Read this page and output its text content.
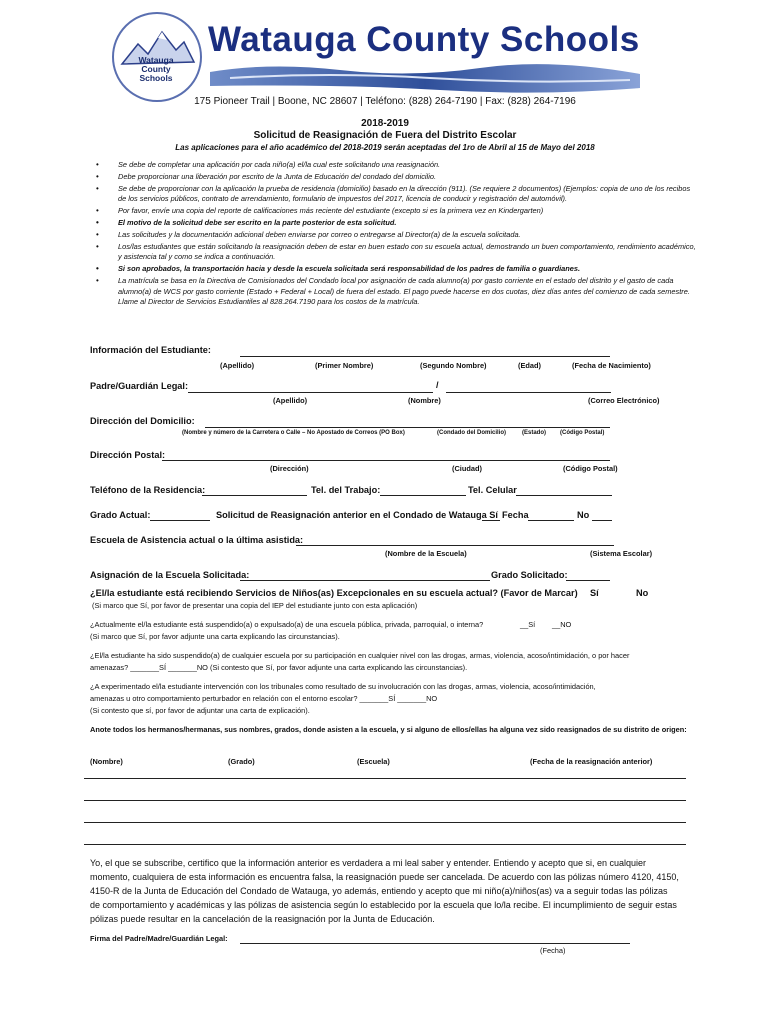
Watauga
County
Schools
Watauga County Schools
175 Pioneer Trail | Boone, NC 28607 | Teléfono: (828) 264-7190 | Fax: (828) 264-7196
2018-2019
Solicitud de Reasignación de Fuera del Distrito Escolar
Las aplicaciones para el año académico del 2018-2019 serán aceptadas del 1ro de Abril al 15 de Mayo del 2018
• Se debe de completar una aplicación por cada niño(a) el/la cual este solicitando una reasignación.
• Debe proporcionar una liberación por escrito de la Junta de Educación del condado del domicilio.
• Se debe de proporcionar con la aplicación la prueba de residencia (domicilio) basado en la dirección (911). (Se requiere 2 documentos) (Ejemplos: copia de uno de los recibos de los servicios públicos, contrato de arrendamiento, formulario de impuestos del 2017, licencia de conducir y registración del automóvil).
• Por favor, envíe una copia del reporte de calificaciones más reciente del estudiante (excepto si es la primera vez en Kindergarten)
• El motivo de la solicitud debe ser escrito en la parte posterior de esta solicitud.
• Las solicitudes y la documentación adicional deben enviarse por correo o entregarse al Director(a) de la escuela solicitada.
• Los/las estudiantes que están solicitando la reasignación deben de estar en buen estado con su escuela actual, demostrando un buen comportamiento, rendimiento académico, y asistencia tal y como se indica a continuación.
• Si son aprobados, la transportación hacia y desde la escuela solicitada será responsabilidad de los padres de familia o guardianes.
• La matrícula se basa en la Directiva de Comisionados del Condado local por asignación de cada alumno(a) por gasto corriente en el estado del distrito y el gasto de cada alumno(a) de WCS por gasto corriente (Estado + Federal + Local) de fuera del estado. El pago puede hacerse en dos cuotas, diez días antes del comienzo de cada semestre. Llame al Director de Servicios Estudiantiles al 828.264.7190 para los costos de la matrícula.
Información del Estudiante:
(Apellido)	(Primer Nombre)	(Segundo Nombre)	(Edad)	(Fecha de Nacimiento)
Padre/Guardián Legal:	/
(Apellido)	(Nombre)	(Correo Electrónico)
Dirección del Domicilio:
(Nombre y número de la Carretera o Calle – No Apostado de Correos (PO Box)	(Condado del Domicilio)	(Estado) (Código Postal)
Dirección Postal:
(Dirección)	(Ciudad)	(Código Postal)
Teléfono de la Residencia:	Tel. del Trabajo:	Tel. Celular
Grado Actual:	Solicitud de Reasignación anterior en el Condado de Watauga Sí Fecha	No
Escuela de Asistencia actual o la última asistida:
(Nombre de la Escuela)	(Sistema Escolar)
Asignación de la Escuela Solicitada:	Grado Solicitado:
¿El/la estudiante está recibiendo Servicios de Niños(as) Excepcionales en su escuela actual? (Favor de Marcar) Sí	No
(Si marco que Sí, por favor de presentar una copia del IEP del estudiante junto con esta aplicación)
¿Actualmente el/la estudiante está suspendido(a) o expulsado(a) de una escuela pública, privada, parroquial, o interna?	__Sí __NO
(Si marco que Sí, por favor adjunte una carta explicando las circunstancias).
¿El/la estudiante ha sido suspendido(a) de cualquier escuela por su participación en cualquier nivel con las drogas, armas, violencia, acoso/intimidación, o por hacer
amenazas? _______SÍ _______NO (Si contesto que Sí, por favor adjunte una carta explicando las circunstancias).
¿A experimentado el/la estudiante intervención con los tribunales como resultado de su involucración con las drogas, armas, violencia, acoso/intimidación,
amenazas u otro comportamiento perturbador en relación con el entorno escolar? _______SÍ _______NO
(Si contesto que sí, por favor de adjuntar una carta de explicación).
Anote todos los hermanos/hermanas, sus nombres, grados, donde asisten a la escuela, y si alguno de ellos/ellas ha alguna vez sido reasignados de su distrito de origen:
(Nombre)	(Grado)	(Escuela)	(Fecha de la reasignación anterior)
Yo, el que se subscribe, certifico que la información anterior es verdadera a mi leal saber y entender. Entiendo y acepto que si, en cualquier momento, cualquiera de esta información es encuentra falsa, la reasignación puede ser cancelada. De acuerdo con las pólizas número 4120, 4150, 4150-R de la Junta de Educación del Condado de Watauga, yo además, entiendo y acepto que mi niño(a)/niños(as) va a seguir todas las pólizas de comportamiento y académicas y las pólizas de asistencia según lo establecido por la escuela que lo/la recibe. El incumplimiento de seguir estas pólizas puede resultar en la cancelación de la reasignación por la Junta de Educación.
Firma del Padre/Madre/Guardián Legal:
(Fecha)
